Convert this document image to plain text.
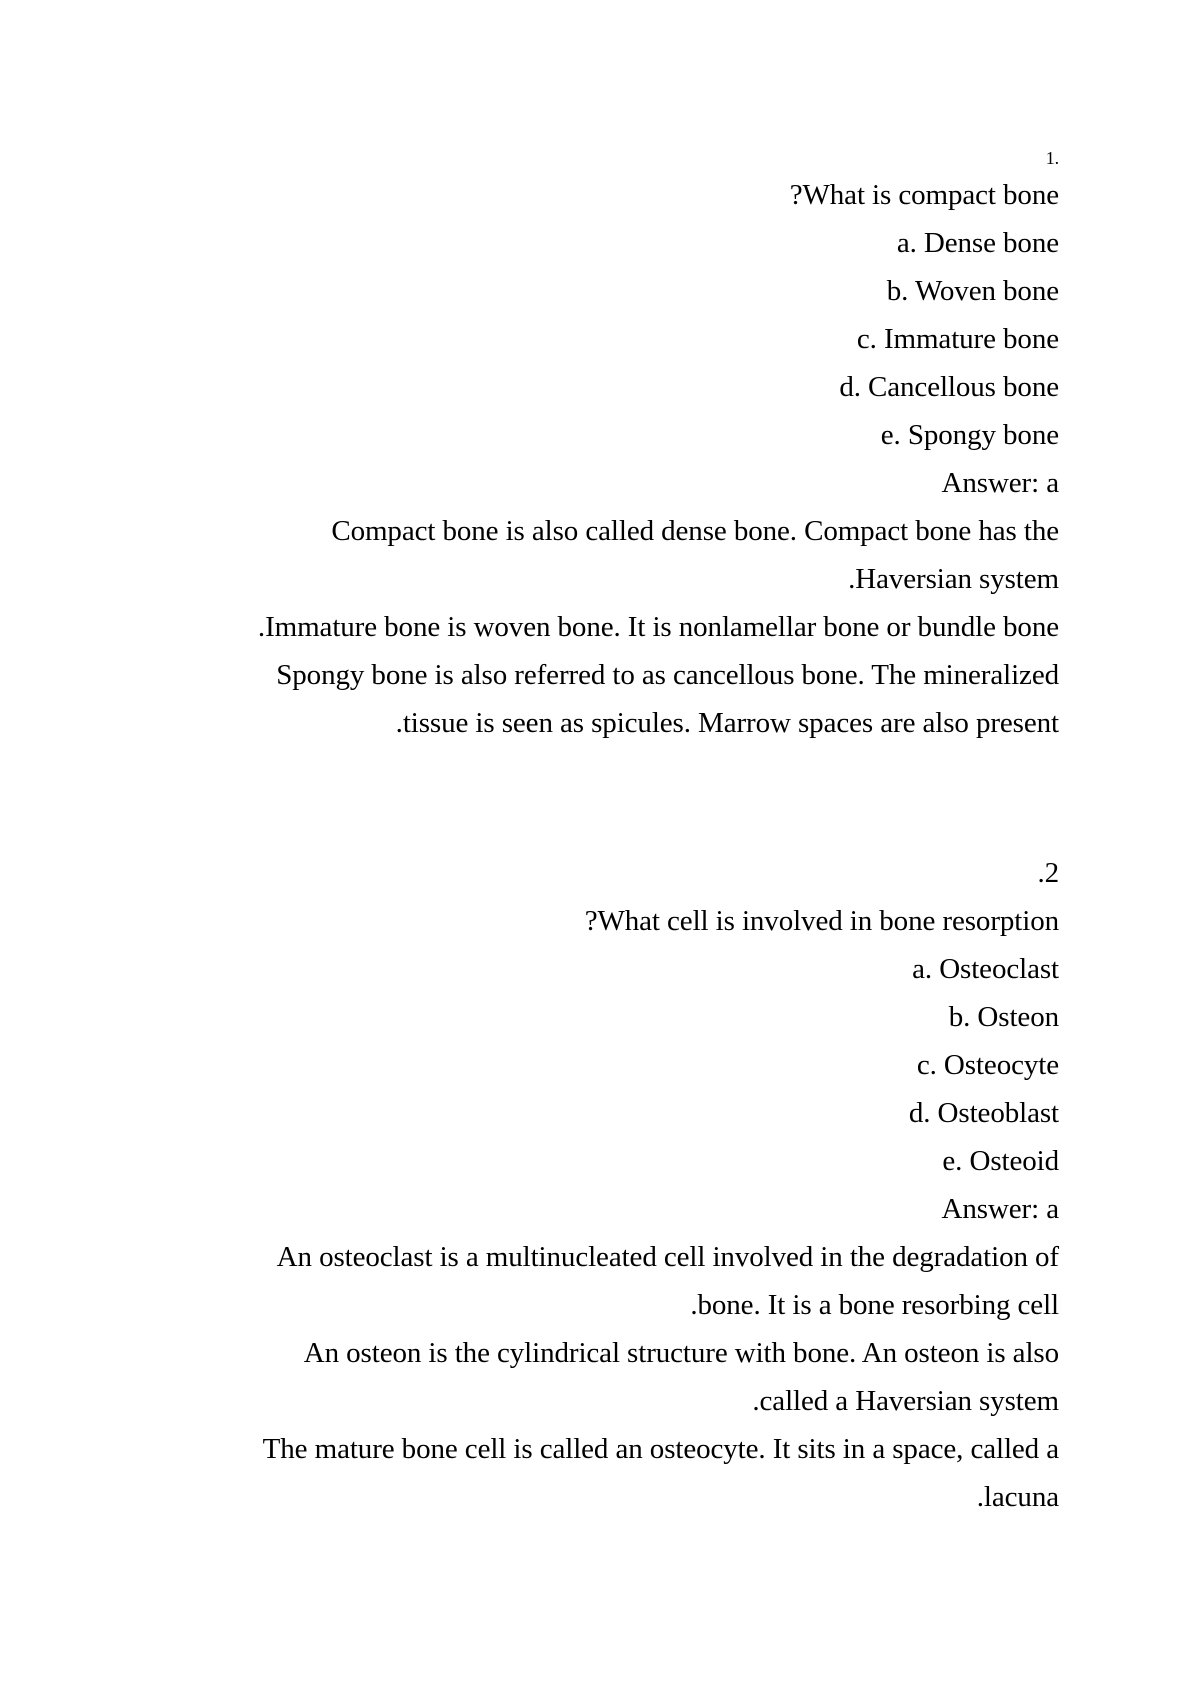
1.
?What is compact bone
a. Dense bone
b. Woven bone
c. Immature bone
d. Cancellous bone
e. Spongy bone
Answer: a
Compact bone is also called dense bone. Compact bone has the
.Haversian system
.Immature bone is woven bone. It is nonlamellar bone or bundle bone
Spongy bone is also referred to as cancellous bone. The mineralized
.tissue is seen as spicules. Marrow spaces are also present
.2
?What cell is involved in bone resorption
a. Osteoclast
b. Osteon
c. Osteocyte
d. Osteoblast
e. Osteoid
Answer: a
An osteoclast is a multinucleated cell involved in the degradation of
.bone. It is a bone resorbing cell
An osteon is the cylindrical structure with bone. An osteon is also
.called a Haversian system
The mature bone cell is called an osteocyte. It sits in a space, called a
.lacuna
